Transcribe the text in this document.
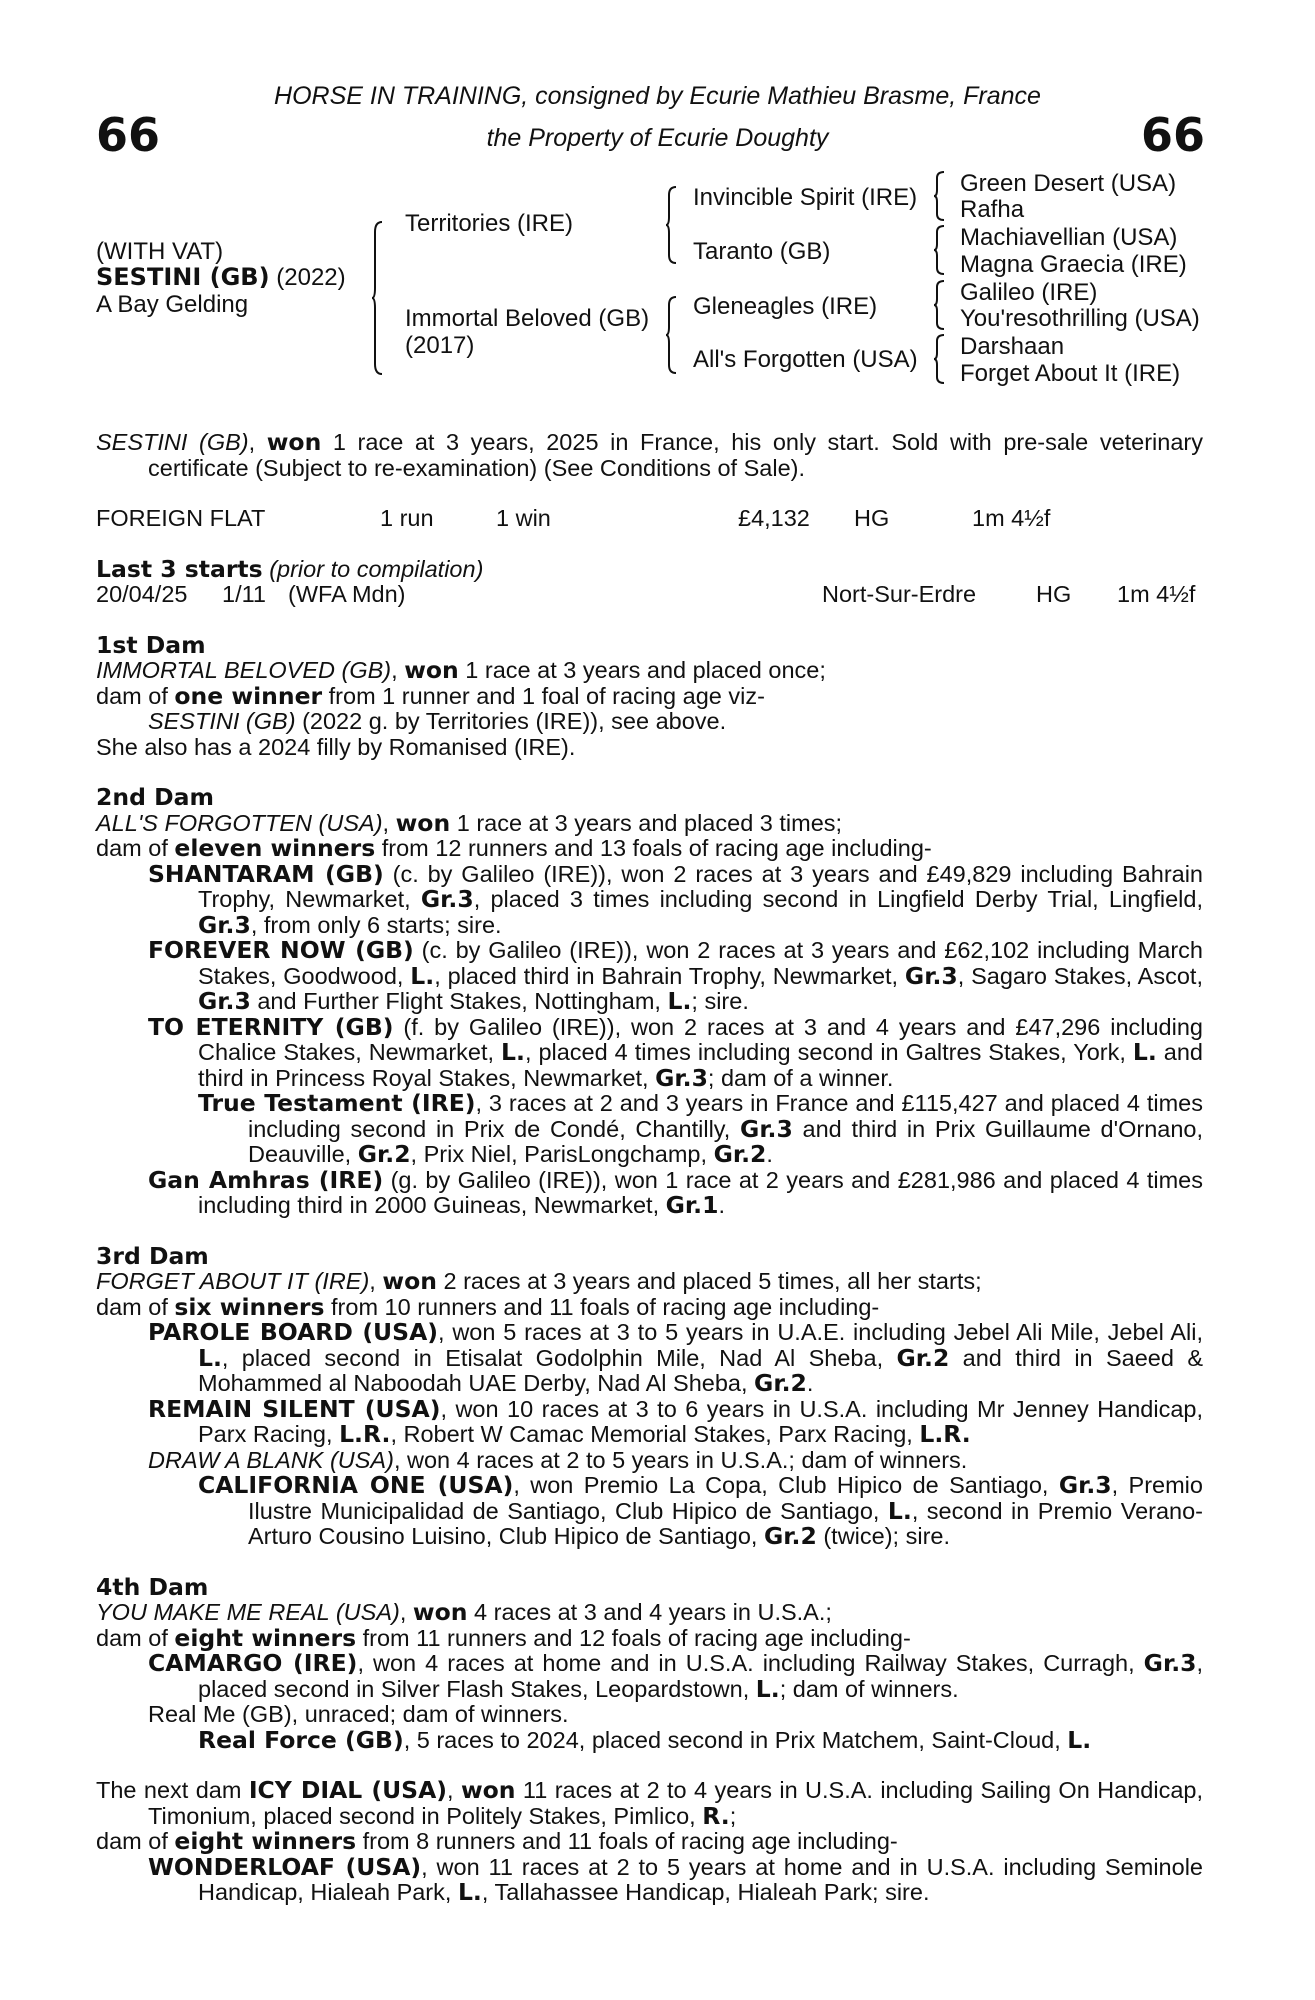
66	66
HORSE IN TRAINING, consigned by Ecurie Mathieu Brasme, France
the Property of Ecurie Doughty
(WITH VAT)
SESTINI (GB) (2022)
A Bay Gelding
Territories (IRE)
Immortal Beloved (GB)
(2017)
Invincible Spirit (IRE)
Taranto (GB)
Gleneagles (IRE)
All's Forgotten (USA)
Green Desert (USA)
Rafha
Machiavellian (USA)
Magna Graecia (IRE)
Galileo (IRE)
You'resothrilling (USA)
Darshaan
Forget About It (IRE)

SESTINI (GB), won 1 race at 3 years, 2025 in France, his only start. Sold with pre-sale veterinary certificate (Subject to re-examination) (See Conditions of Sale).

FOREIGN FLAT	1 run	1 win	£4,132 HG	1m 4½f

Last 3 starts (prior to compilation)

20/04/25 1/11 (WFA Mdn)	Nort-Sur-Erdre	HG 1m 4½f

1st Dam

IMMORTAL BELOVED (GB), won 1 race at 3 years and placed once;

dam of one winner from 1 runner and 1 foal of racing age viz-

SESTINI (GB) (2022 g. by Territories (IRE)), see above.

She also has a 2024 filly by Romanised (IRE).

2nd Dam

ALL'S FORGOTTEN (USA), won 1 race at 3 years and placed 3 times;

dam of eleven winners from 12 runners and 13 foals of racing age including-

SHANTARAM (GB) (c. by Galileo (IRE)), won 2 races at 3 years and £49,829 including Bahrain Trophy, Newmarket, Gr.3, placed 3 times including second in Lingfield Derby Trial, Lingfield, Gr.3, from only 6 starts; sire.

FOREVER NOW (GB) (c. by Galileo (IRE)), won 2 races at 3 years and £62,102 including March Stakes, Goodwood, L., placed third in Bahrain Trophy, Newmarket, Gr.3, Sagaro Stakes, Ascot, Gr.3 and Further Flight Stakes, Nottingham, L.; sire.

TO ETERNITY (GB) (f. by Galileo (IRE)), won 2 races at 3 and 4 years and £47,296 including Chalice Stakes, Newmarket, L., placed 4 times including second in Galtres Stakes, York, L. and third in Princess Royal Stakes, Newmarket, Gr.3; dam of a winner.

True Testament (IRE), 3 races at 2 and 3 years in France and £115,427 and placed 4 times including second in Prix de Condé, Chantilly, Gr.3 and third in Prix Guillaume d'Ornano, Deauville, Gr.2, Prix Niel, ParisLongchamp, Gr.2.

Gan Amhras (IRE) (g. by Galileo (IRE)), won 1 race at 2 years and £281,986 and placed 4 times including third in 2000 Guineas, Newmarket, Gr.1.

3rd Dam

FORGET ABOUT IT (IRE), won 2 races at 3 years and placed 5 times, all her starts;

dam of six winners from 10 runners and 11 foals of racing age including-

PAROLE BOARD (USA), won 5 races at 3 to 5 years in U.A.E. including Jebel Ali Mile, Jebel Ali, L., placed second in Etisalat Godolphin Mile, Nad Al Sheba, Gr.2 and third in Saeed & Mohammed al Naboodah UAE Derby, Nad Al Sheba, Gr.2.

REMAIN SILENT (USA), won 10 races at 3 to 6 years in U.S.A. including Mr Jenney Handicap, Parx Racing, L.R., Robert W Camac Memorial Stakes, Parx Racing, L.R.

DRAW A BLANK (USA), won 4 races at 2 to 5 years in U.S.A.; dam of winners.

CALIFORNIA ONE (USA), won Premio La Copa, Club Hipico de Santiago, Gr.3, Premio Ilustre Municipalidad de Santiago, Club Hipico de Santiago, L., second in Premio Verano- Arturo Cousino Luisino, Club Hipico de Santiago, Gr.2 (twice); sire.

4th Dam

YOU MAKE ME REAL (USA), won 4 races at 3 and 4 years in U.S.A.;

dam of eight winners from 11 runners and 12 foals of racing age including-

CAMARGO (IRE), won 4 races at home and in U.S.A. including Railway Stakes, Curragh, Gr.3, placed second in Silver Flash Stakes, Leopardstown, L.; dam of winners.

Real Me (GB), unraced; dam of winners.

Real Force (GB), 5 races to 2024, placed second in Prix Matchem, Saint-Cloud, L.

The next dam ICY DIAL (USA), won 11 races at 2 to 4 years in U.S.A. including Sailing On Handicap, Timonium, placed second in Politely Stakes, Pimlico, R.;

dam of eight winners from 8 runners and 11 foals of racing age including-

WONDERLOAF (USA), won 11 races at 2 to 5 years at home and in U.S.A. including Seminole Handicap, Hialeah Park, L., Tallahassee Handicap, Hialeah Park; sire.
